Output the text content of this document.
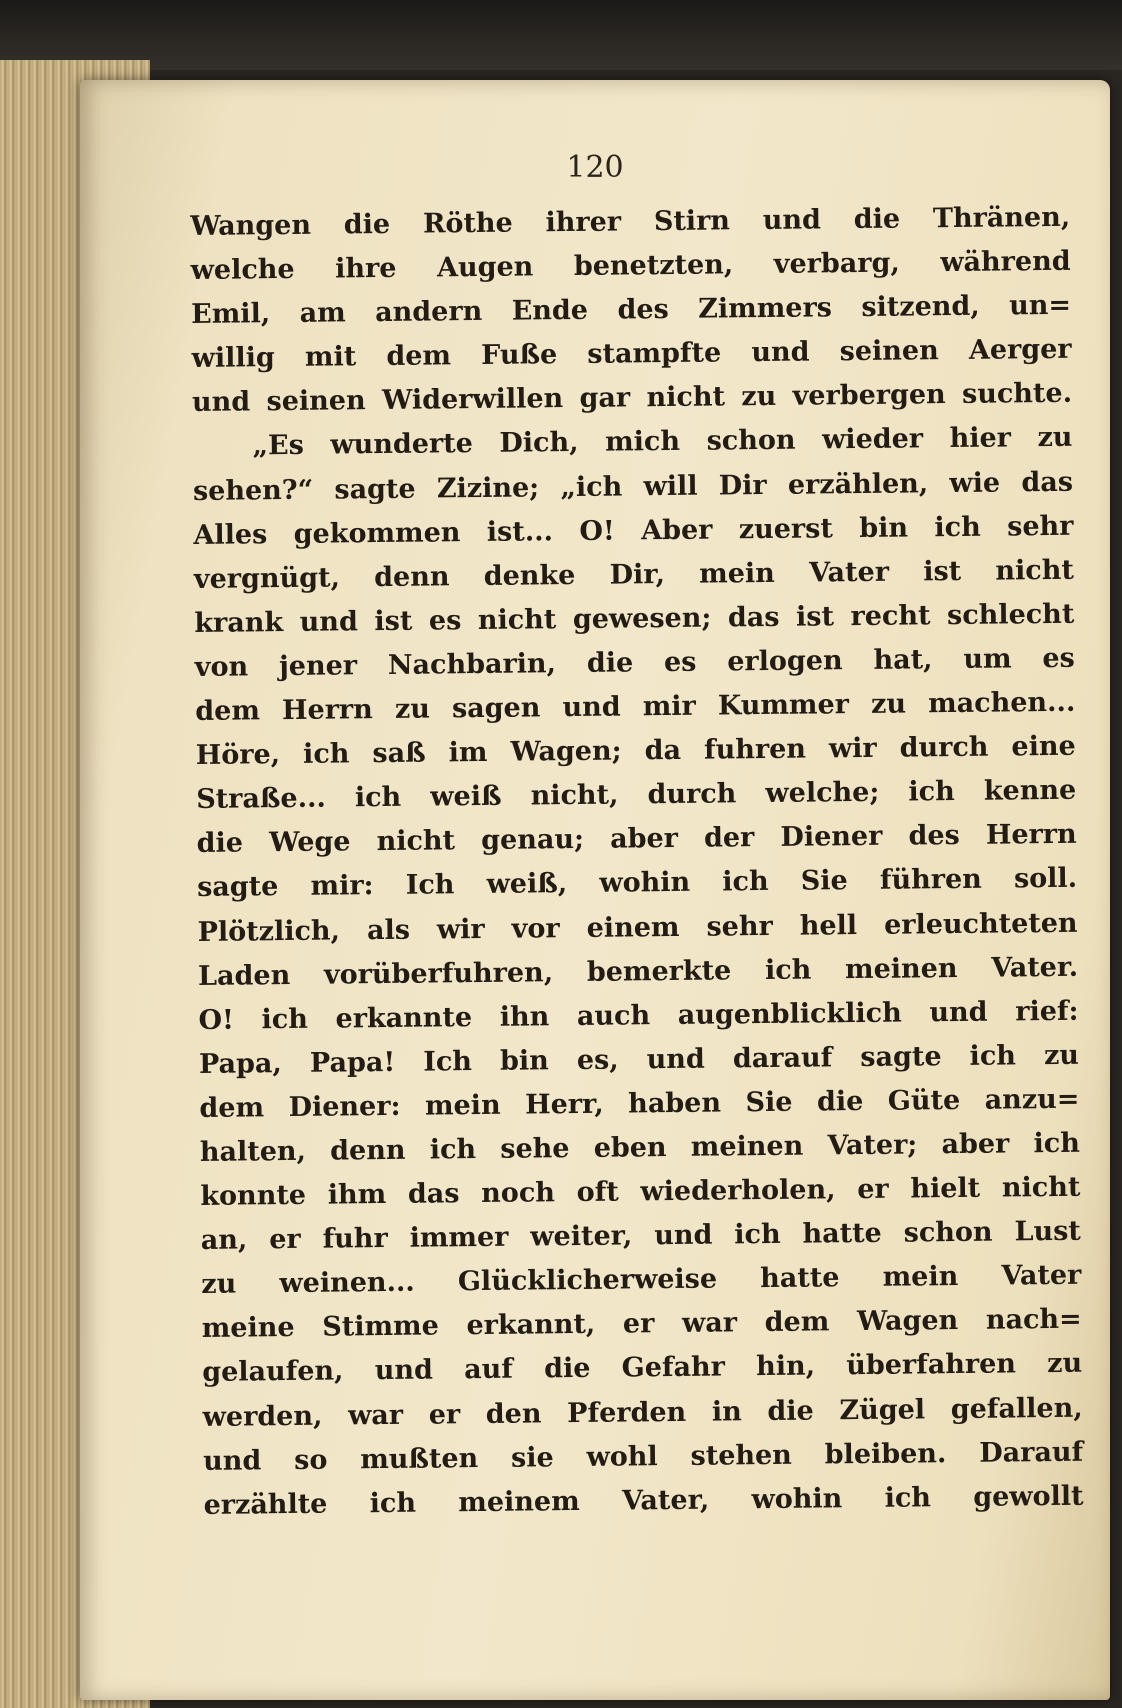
120
Wangen die Röthe ihrer Stirn und die Thränen,
welche ihre Augen benetzten, verbarg, während
Emil, am andern Ende des Zimmers sitzend, un=
willig mit dem Fuße stampfte und seinen Aerger
und seinen Widerwillen gar nicht zu verbergen suchte.
„Es wunderte Dich, mich schon wieder hier zu
sehen?“ sagte Zizine; „ich will Dir erzählen, wie das
Alles gekommen ist... O! Aber zuerst bin ich sehr
vergnügt, denn denke Dir, mein Vater ist nicht
krank und ist es nicht gewesen; das ist recht schlecht
von jener Nachbarin, die es erlogen hat, um es
dem Herrn zu sagen und mir Kummer zu machen...
Höre, ich saß im Wagen; da fuhren wir durch eine
Straße... ich weiß nicht, durch welche; ich kenne
die Wege nicht genau; aber der Diener des Herrn
sagte mir: Ich weiß, wohin ich Sie führen soll.
Plötzlich, als wir vor einem sehr hell erleuchteten
Laden vorüberfuhren, bemerkte ich meinen Vater.
O! ich erkannte ihn auch augenblicklich und rief:
Papa, Papa! Ich bin es, und darauf sagte ich zu
dem Diener: mein Herr, haben Sie die Güte anzu=
halten, denn ich sehe eben meinen Vater; aber ich
konnte ihm das noch oft wiederholen, er hielt nicht
an, er fuhr immer weiter, und ich hatte schon Lust
zu weinen... Glücklicherweise hatte mein Vater
meine Stimme erkannt, er war dem Wagen nach=
gelaufen, und auf die Gefahr hin, überfahren zu
werden, war er den Pferden in die Zügel gefallen,
und so mußten sie wohl stehen bleiben. Darauf
erzählte ich meinem Vater, wohin ich gewollt
